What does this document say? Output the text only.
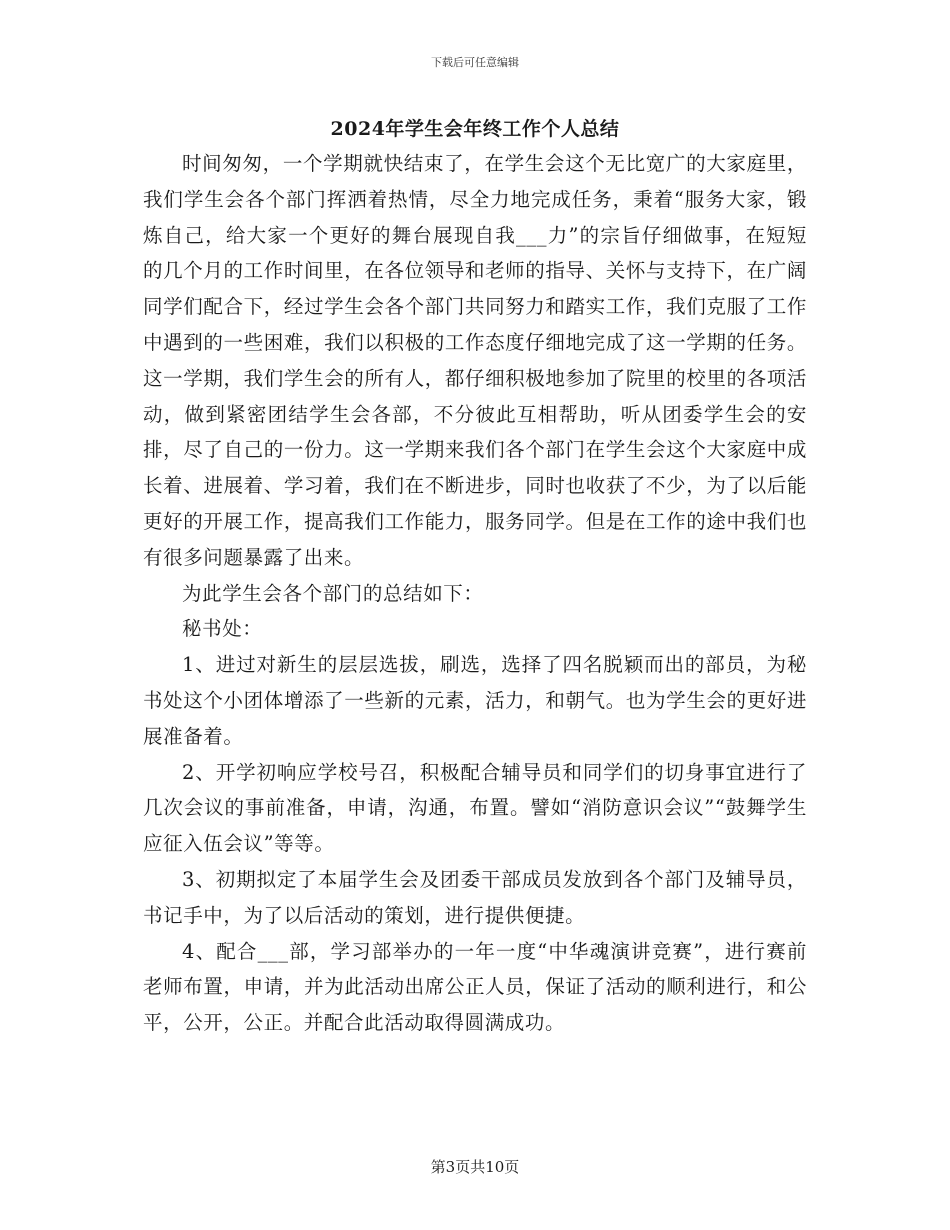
下载后可任意编辑
2024年学生会年终工作个人总结

时间匆匆，一个学期就快结束了，在学生会这个无比宽广的大家庭里，我们学生会各个部门挥洒着热情，尽全力地完成任务，秉着“服务大家，锻炼自己，给大家一个更好的舞台展现自我___力”的宗旨仔细做事，在短短的几个月的工作时间里，在各位领导和老师的指导、关怀与支持下，在广阔同学们配合下，经过学生会各个部门共同努力和踏实工作，我们克服了工作中遇到的一些困难，我们以积极的工作态度仔细地完成了这一学期的任务。这一学期，我们学生会的所有人，都仔细积极地参加了院里的校里的各项活动，做到紧密团结学生会各部，不分彼此互相帮助，听从团委学生会的安排，尽了自己的一份力。这一学期来我们各个部门在学生会这个大家庭中成长着、进展着、学习着，我们在不断进步，同时也收获了不少，为了以后能更好的开展工作，提高我们工作能力，服务同学。但是在工作的途中我们也有很多问题暴露了出来。

为此学生会各个部门的总结如下：

秘书处：

1、进过对新生的层层选拔，刷选，选择了四名脱颖而出的部员，为秘书处这个小团体增添了一些新的元素，活力，和朝气。也为学生会的更好进展准备着。

2、开学初响应学校号召，积极配合辅导员和同学们的切身事宜进行了几次会议的事前准备，申请，沟通，布置。譬如“消防意识会议”“鼓舞学生应征入伍会议”等等。

3、初期拟定了本届学生会及团委干部成员发放到各个部门及辅导员，书记手中，为了以后活动的策划，进行提供便捷。

4、配合___部，学习部举办的一年一度“中华魂演讲竞赛”，进行赛前老师布置，申请，并为此活动出席公正人员，保证了活动的顺利进行，和公平，公开，公正。并配合此活动取得圆满成功。

第3页共10页
